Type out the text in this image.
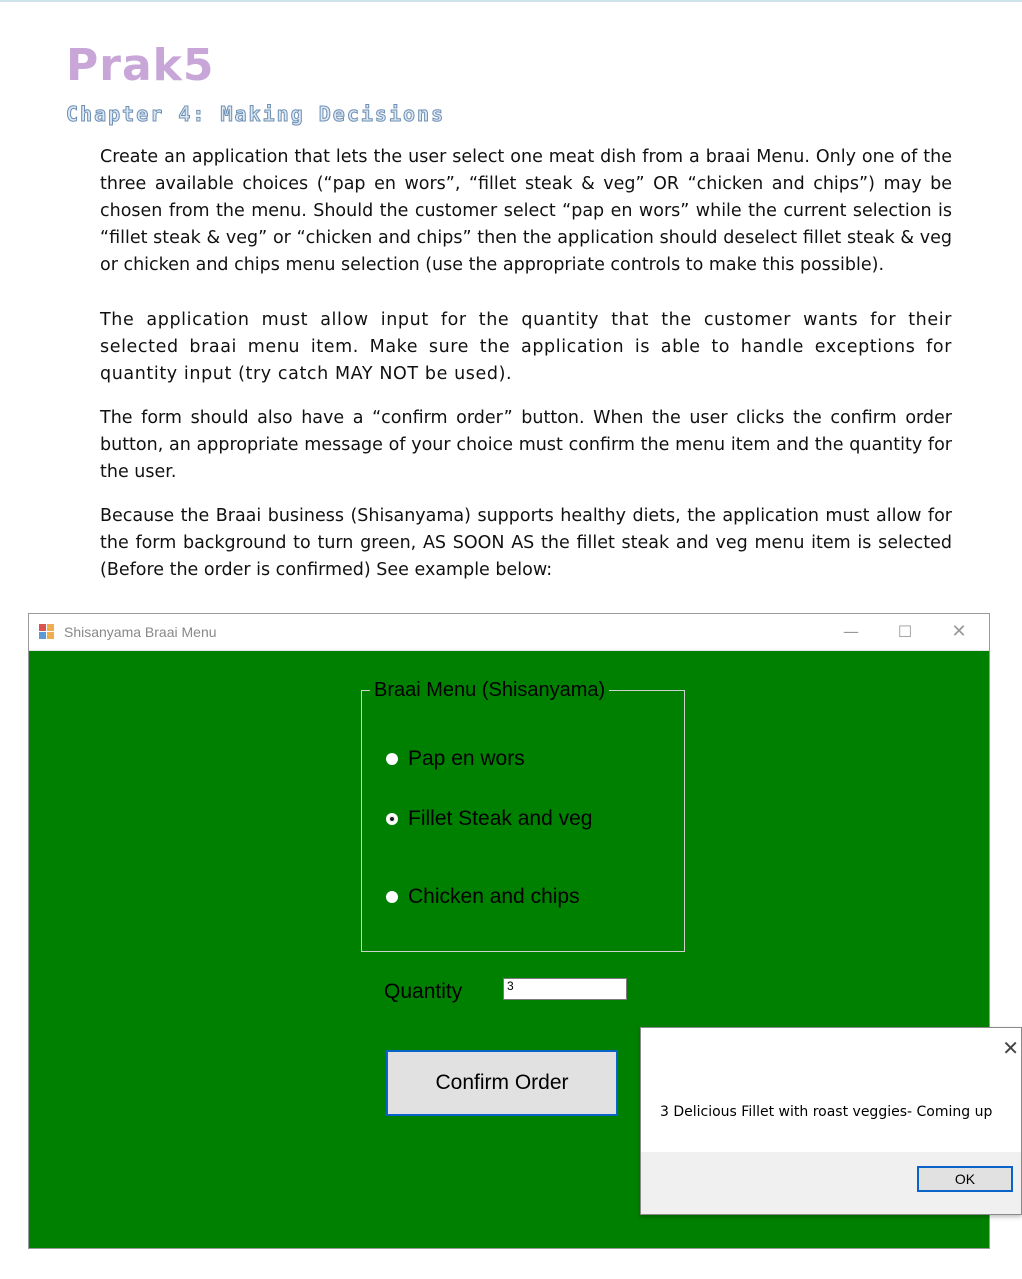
Prak5
Chapter 4: Making Decisions

Create an application that lets the user select one meat dish from a braai Menu. Only one of the three available choices (“pap en wors”, “fillet steak & veg” OR “chicken and chips”) may be chosen from the menu. Should the customer select “pap en wors” while the current selection is “fillet steak & veg” or “chicken and chips” then the application should deselect fillet steak & veg or chicken and chips menu selection (use the appropriate controls to make this possible).

The application must allow input for the quantity that the customer wants for their selected braai menu item. Make sure the application is able to handle exceptions for quantity input (try catch MAY NOT be used).

The form should also have a “confirm order” button. When the user clicks the confirm order button, an appropriate message of your choice must confirm the menu item and the quantity for the user.

Because the Braai business (Shisanyama) supports healthy diets, the application must allow for the form background to turn green, AS SOON AS the fillet steak and veg menu item is selected (Before the order is confirmed) See example below:

Shisanyama Braai Menu	—	☐	✕
Braai Menu (Shisanyama)
Pap en wors
Fillet Steak and veg
Chicken and chips
Quantity	3
Confirm Order
✕
3 Delicious Fillet with roast veggies- Coming up
OK
